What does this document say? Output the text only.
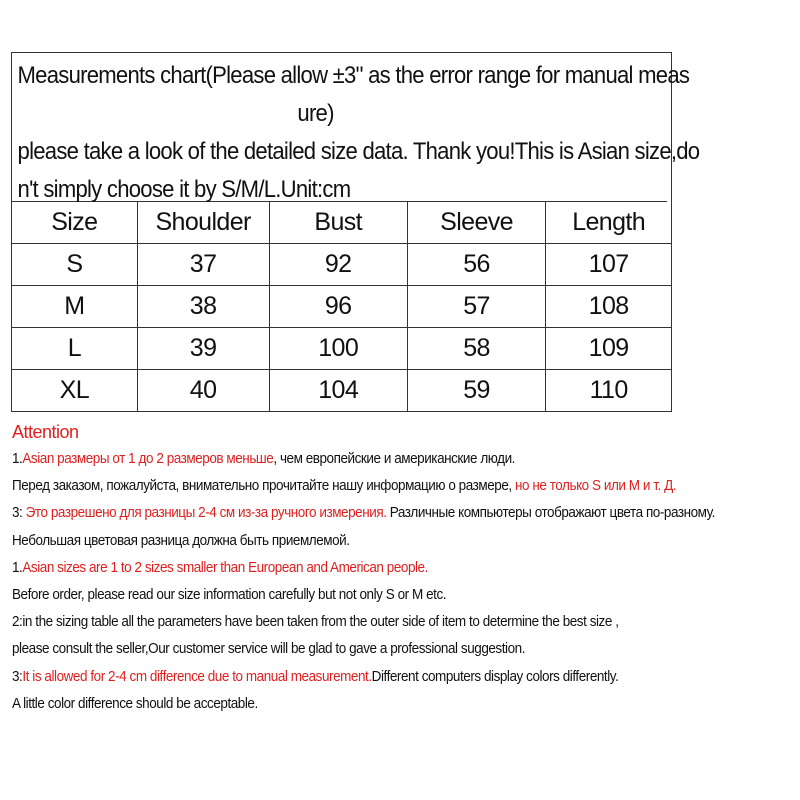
Measurements chart(Please allow ±3" as the error range for manual meas
ure)
please take a look of the detailed size data. Thank you!This is Asian size,do
n't simply choose it by S/M/L.Unit:cm
Size	Shoulder	Bust	Sleeve	Length
S	37	92	56	107
M	38	96	57	108
L	39	100	58	109
XL	40	104	59	110
Attention
1.Asian размеры от 1 до 2 размеров меньше, чем европейские и американские люди.
Перед заказом, пожалуйста, внимательно прочитайте нашу информацию о размере, но не только S или M и т. Д.
3: Это разрешено для разницы 2-4 см из-за ручного измерения. Различные компьютеры отображают цвета по-разному.
Небольшая цветовая разница должна быть приемлемой.
1.Asian sizes are 1 to 2 sizes smaller than European and American people.
Before order, please read our size information carefully but not only S or M etc.
2:in the sizing table all the parameters have been taken from the outer side of item to determine the best size ,
please consult the seller,Our customer service will be glad to gave a professional suggestion.
3:It is allowed for 2-4 cm difference due to manual measurement.Different computers display colors differently.
A little color difference should be acceptable.
